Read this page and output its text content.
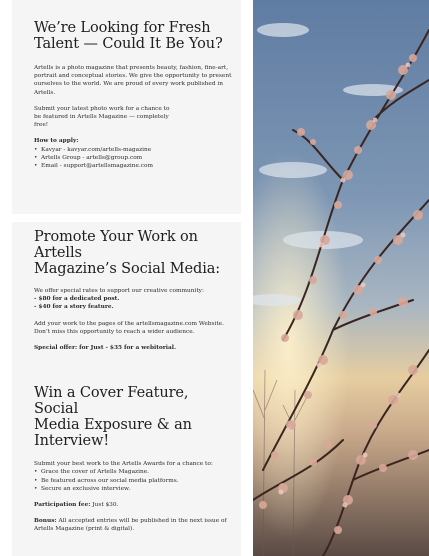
We’re Looking for Fresh
Talent — Could It Be You?

Artells is a photo magazine that presents beauty, fashion, fine-art, portrait and conceptual stories. We give the opportunity to present ourselves to the world. We are proud of every work published in Artells.

Submit your latest photo work for a chance to be featured in Artells Magazine — completely free!

How to apply:

• Kavyar - kavyar.com/artells-magazine
• Artells Group - artells@group.com
• Email - support@artellsmagazine.com
Promote Your Work on Artells
Magazine’s Social Media:

We offer special rates to support our creative community:

- $80 for a dedicated post.

- $40 for a story feature.

Add your work to the pages of the artellsmagazine.com Website. Don’t miss this opportunity to reach a wider audience.

Special offer: for Just - $35 for a webitorial.

Win a Cover Feature, Social
Media Exposure & an Interview!

Submit your best work to the Artells Awards for a chance to:

• Grace the cover of Artells Magazine.
• Be featured across our social media platforms.
• Secure an exclusive interview.

Participation fee: Just $30.

Bonus: All accepted entries will be published in the next issue of Artells Magazine (print & digital).
